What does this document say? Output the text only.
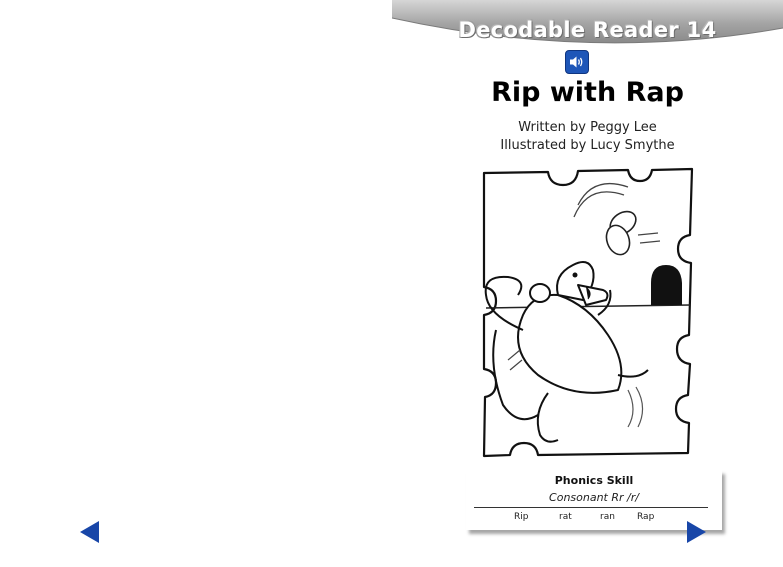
Decodable Reader 14
Rip with Rap
Written by Peggy Lee
Illustrated by Lucy Smythe
Phonics Skill
Consonant Rr /r/
Rip	rat	ran Rap
